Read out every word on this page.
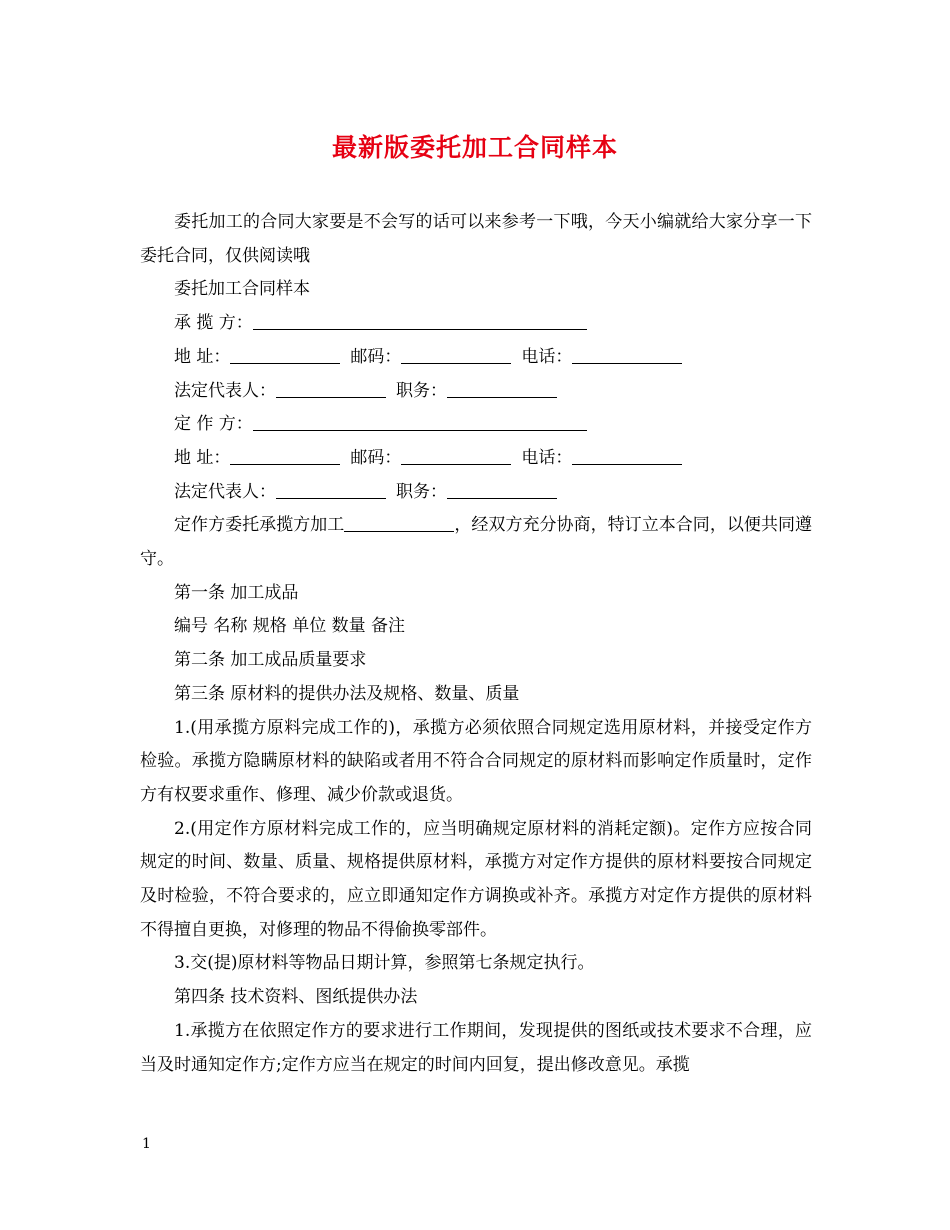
最新版委托加工合同样本

委托加工的合同大家要是不会写的话可以来参考一下哦，今天小编就给大家分享一下委托合同，仅供阅读哦

委托加工合同样本

承 揽 方：

地 址：	邮码：	电话：

法定代表人：	职务：

定 作 方：

地 址：	邮码：	电话：

法定代表人：	职务：

定作方委托承揽方加工	，经双方充分协商，特订立本合同，以便共同遵守。

第一条 加工成品

编号 名称 规格 单位 数量 备注

第二条 加工成品质量要求

第三条 原材料的提供办法及规格、数量、质量

1.(用承揽方原料完成工作的)，承揽方必须依照合同规定选用原材料，并接受定作方检验。承揽方隐瞒原材料的缺陷或者用不符合合同规定的原材料而影响定作质量时，定作方有权要求重作、修理、减少价款或退货。

2.(用定作方原材料完成工作的，应当明确规定原材料的消耗定额)。定作方应按合同规定的时间、数量、质量、规格提供原材料，承揽方对定作方提供的原材料要按合同规定及时检验，不符合要求的，应立即通知定作方调换或补齐。承揽方对定作方提供的原材料不得擅自更换，对修理的物品不得偷换零部件。

3.交(提)原材料等物品日期计算，参照第七条规定执行。

第四条 技术资料、图纸提供办法

1.承揽方在依照定作方的要求进行工作期间，发现提供的图纸或技术要求不合理，应当及时通知定作方;定作方应当在规定的时间内回复，提出修改意见。承揽

1
